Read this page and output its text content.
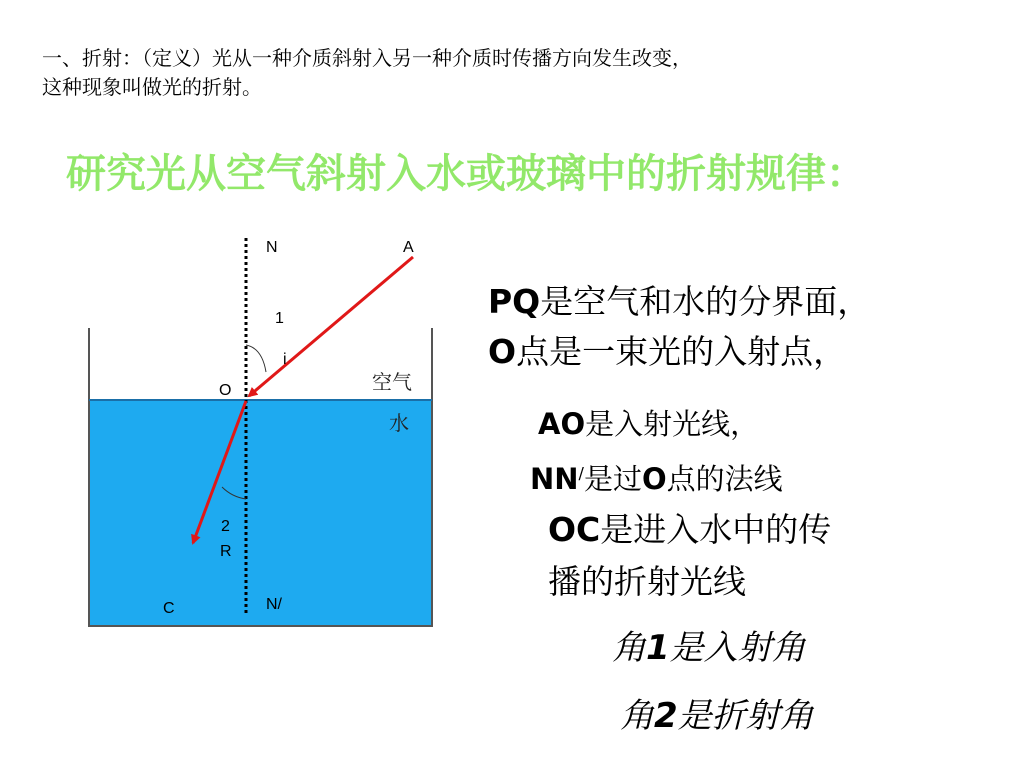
一、折射：（定义）光从一种介质斜射入另一种介质时传播方向发生改变，
这种现象叫做光的折射。
研究光从空气斜射入水或玻璃中的折射规律：
N	A
1
i
O	空气
水
2
R
C	N/
PQ是空气和水的分界面，
O点是一束光的入射点，
AO是入射光线，
NN/是过O点的法线
OC是进入水中的传
播的折射光线
角1是入射角
角2是折射角
